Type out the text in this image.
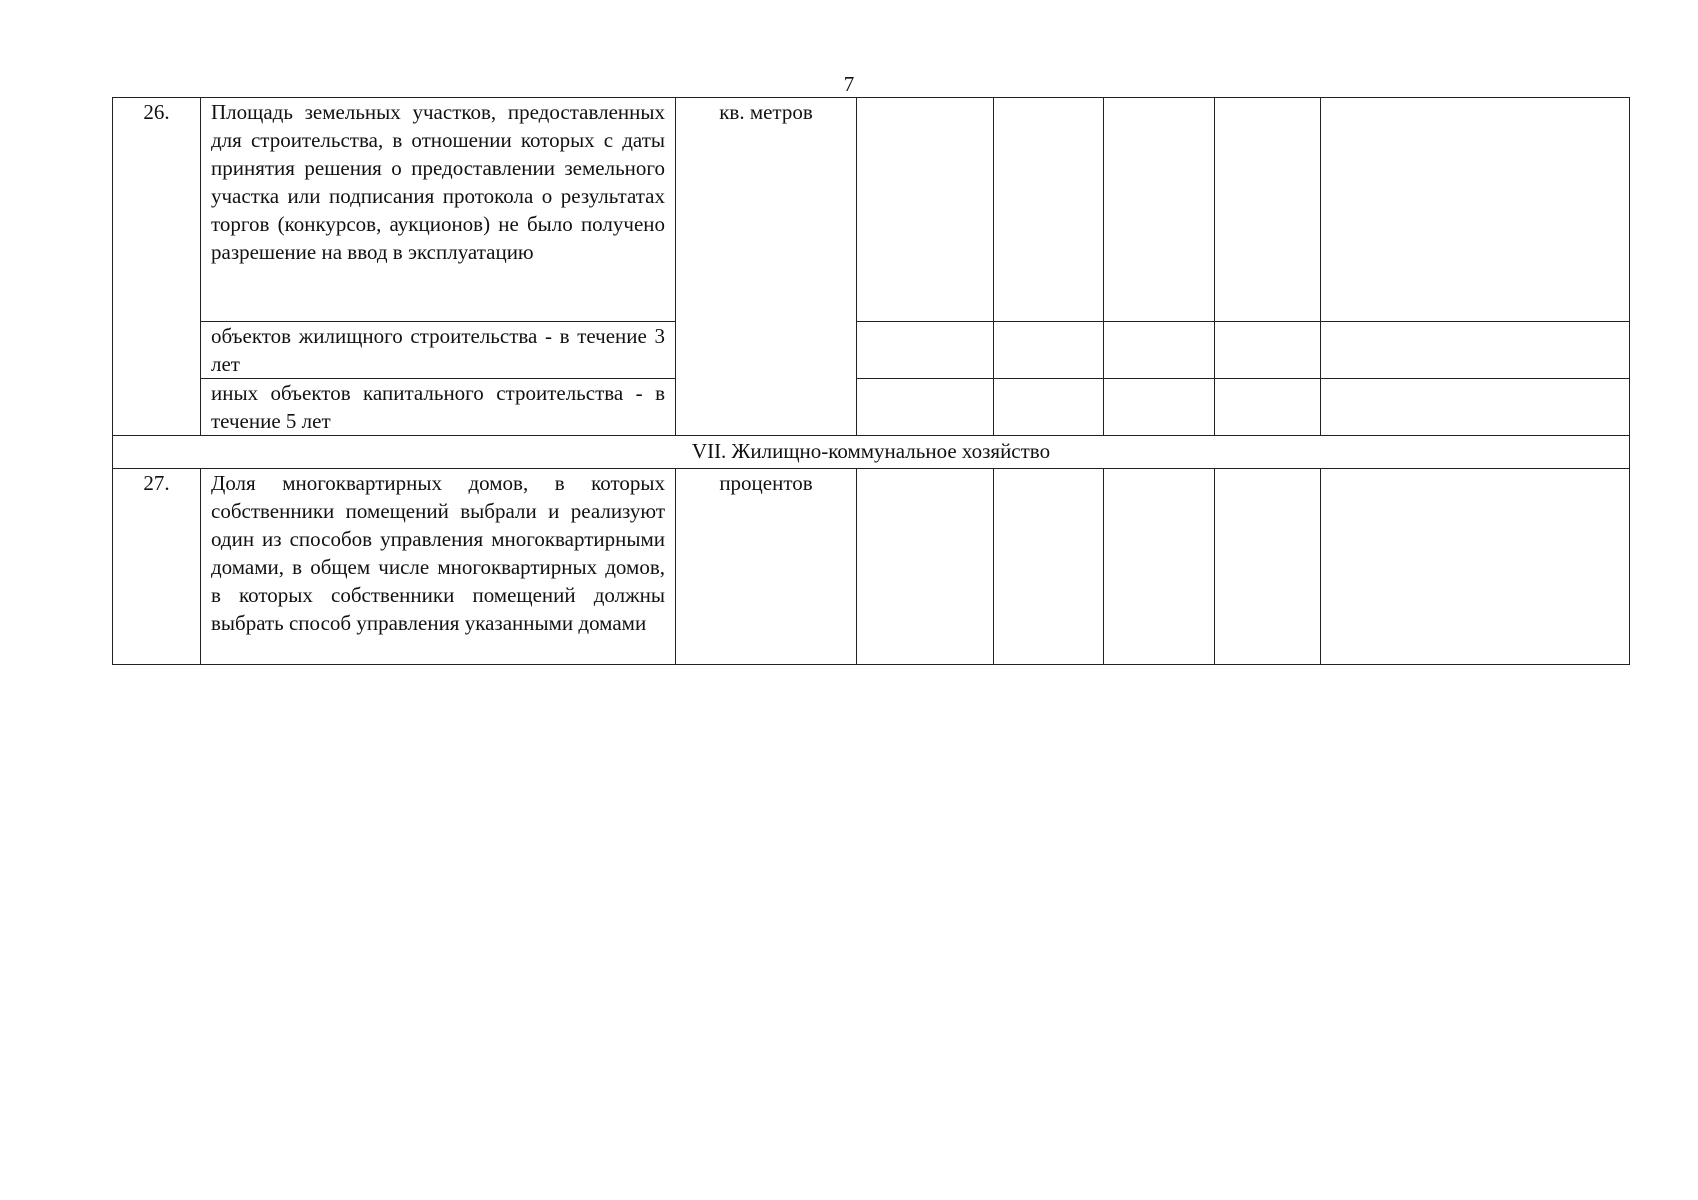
7
26.	Площадь земельных участков, предоставленных для строительства, в отношении которых с даты принятия решения о предоставлении земельного участка или подписания протокола о результатах торгов (конкурсов, аукционов) не было получено разрешение на ввод в эксплуатацию	кв. метров					
	объектов жилищного строительства - в течение 3 лет						
	иных объектов капитального строительства - в течение 5 лет						
VII. Жилищно-коммунальное хозяйство							
27.	Доля многоквартирных домов, в которых собственники помещений выбрали и реализуют один из способов управления многоквартирными домами, в общем числе многоквартирных домов, в которых собственники помещений должны выбрать способ управления указанными домами	процентов					
